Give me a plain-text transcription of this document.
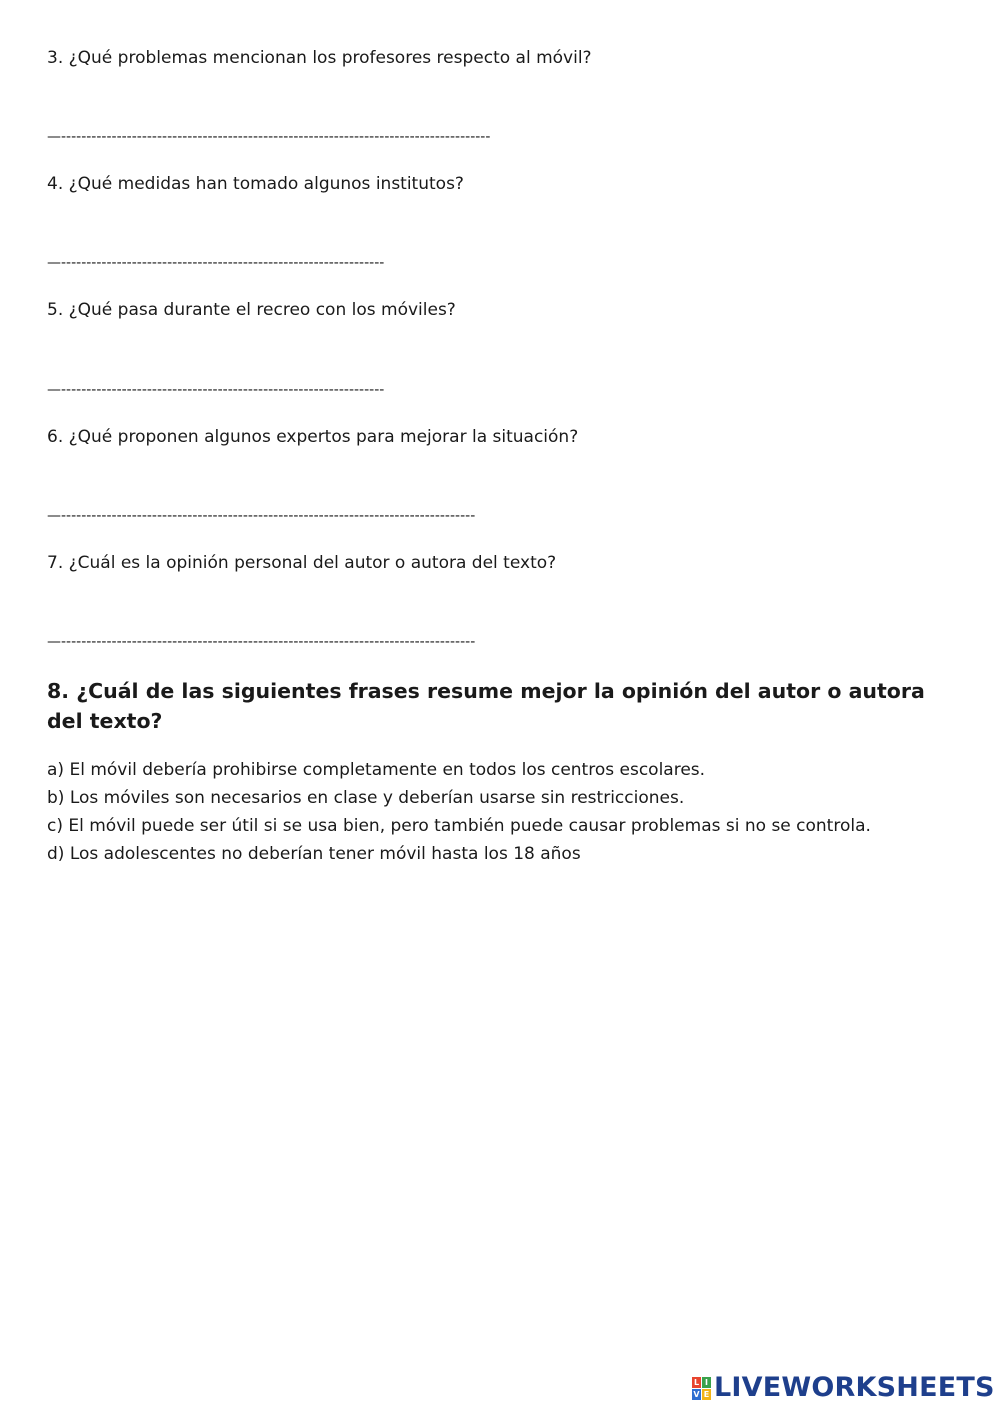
3. ¿Qué problemas mencionan los profesores respecto al móvil?

—-------------------------------------------------------------------------------------

4. ¿Qué medidas han tomado algunos institutos?

—----------------------------------------------------------------

5. ¿Qué pasa durante el recreo con los móviles?

—----------------------------------------------------------------

6. ¿Qué proponen algunos expertos para mejorar la situación?

—----------------------------------------------------------------------------------

7. ¿Cuál es la opinión personal del autor o autora del texto?

—----------------------------------------------------------------------------------

8. ¿Cuál de las siguientes frases resume mejor la opinión del autor o autora del texto?

a) El móvil debería prohibirse completamente en todos los centros escolares.

b) Los móviles son necesarios en clase y deberían usarse sin restricciones.

c) El móvil puede ser útil si se usa bien, pero también puede causar problemas si no se controla.

d) Los adolescentes no deberían tener móvil hasta los 18 años

L I
V E LIVEWORKSHEETS
